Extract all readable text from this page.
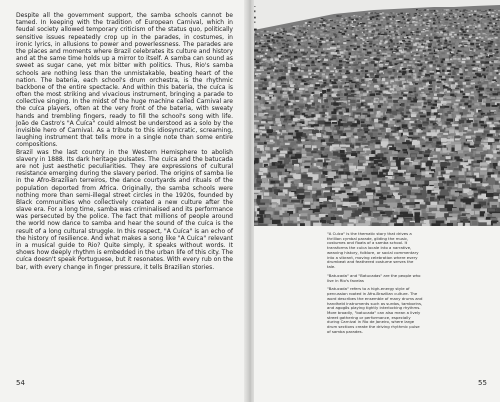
Despite all the government support, the samba schools cannot be tamed. In keeping with the tradition of European Carnival, which in feudal society allowed temporary criticism of the status quo, politically sensitive issues repeatedly crop up in the parades, in costumes, in ironic lyrics, in allusions to power and powerlessness. The parades are the places and moments where Brazil celebrates its culture and history and at the same time holds up a mirror to itself. A samba can sound as sweet as sugar cane, yet mix bitter with politics. Thus, Rio's samba schools are nothing less than the unmistakable, beating heart of the nation. The bateria, each school's drum orchestra, is the rhythmic backbone of the entire spectacle. And within this bateria, the cuíca is often the most striking and vivacious instrument, bringing a parade to collective singing. In the midst of the huge machine called Carnival are the cuíca players, often at the very front of the bateria, with sweaty hands and trembling fingers, ready to fill the school's song with life. João de Castro's "A Cuíca" could almost be understood as a solo by the invisible hero of Carnival. As a tribute to this idiosyncratic, screaming, laughing instrument that tells more in a single note than some entire compositions.

Brazil was the last country in the Western Hemisphere to abolish slavery in 1888. Its dark heritage pulsates. The cuíca and the batucada are not just aesthetic peculiarities. They are expressions of cultural resistance emerging during the slavery period. The origins of samba lie in the Afro-Brazilian terreiros, the dance courtyards and rituals of the population deported from Africa. Originally, the samba schools were nothing more than semi-illegal street circles in the 1920s, founded by Black communities who collectively created a new culture after the slave era. For a long time, samba was criminalised and its performance was persecuted by the police. The fact that millions of people around the world now dance to samba and hear the sound of the cuíca is the result of a long cultural struggle. In this respect, "A Cuíca" is an echo of the history of resilience. And what makes a song like "A Cuíca" relevant in a musical guide to Rio? Quite simply, it speaks without words. It shows how deeply rhythm is embedded in the urban life of this city. The cuíca doesn't speak Portuguese, but it resonates. With every rub on the bar, with every change in finger pressure, it tells Brazilian stories.

54

"A Cuíca" is the thematic story that drives a thrillion cymbal parade, gliding the music, costumes and floats of a samba school. It transforms the cuíca locale into a narrative, weaving history, folklore, or social commentary into a vibrant, moving celebration where every drumbeat and feathered costume serves the tale.

"Batucada" and "Batucadas" are the people who live in Rio's favelas

"Batucada" refers to a high-energy style of percussion rooted in Afro-Brazilian culture. The word describes the ensemble of many drums and handheld instruments such as surdos, tamborins, and agogôs playing tightly interlocking rhythms. More broadly, "batucada" can also mean a lively street gathering or performance, especially during Carnival in Rio de Janeiro, where large drum sections create the driving rhythmic pulse of samba parades.

55
